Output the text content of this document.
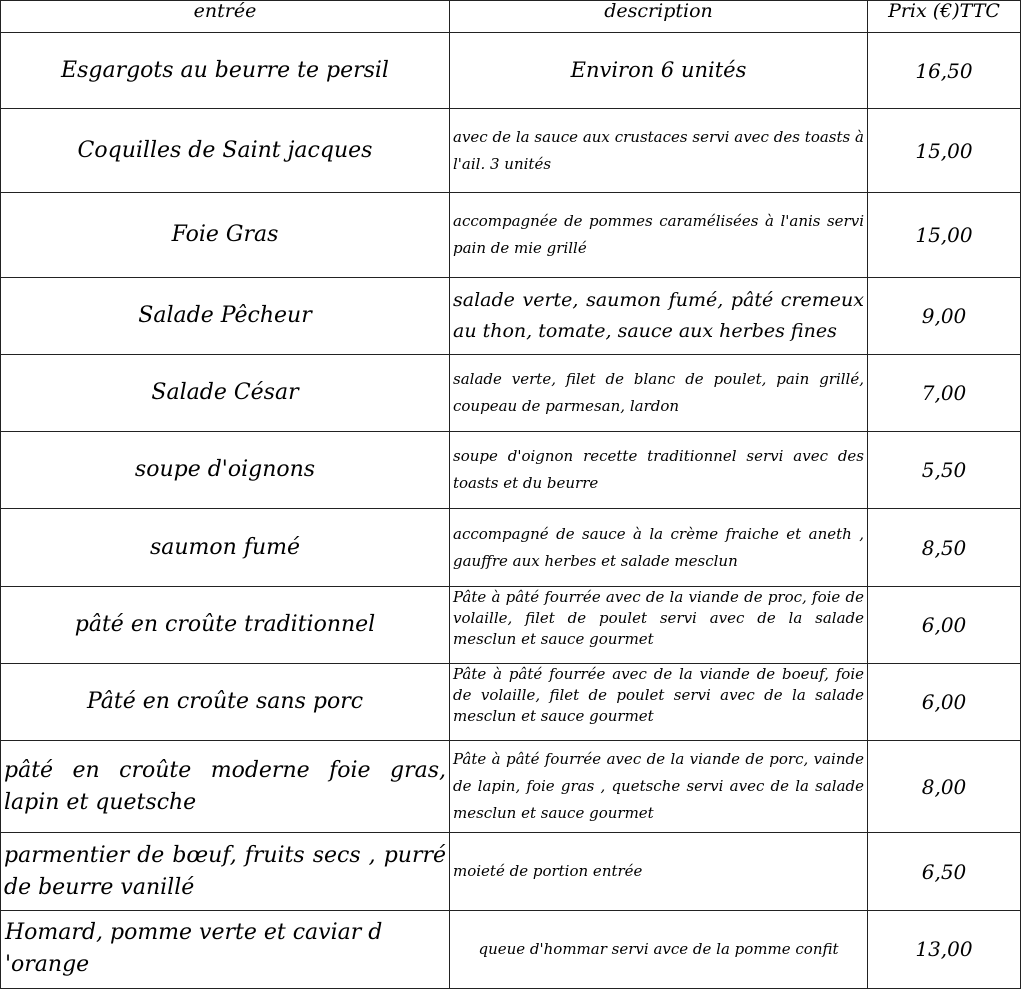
entrée	description	Prix (€)TTC
Esgargots au beurre te persil	Environ 6 unités	16,50
Coquilles de Saint jacques	avec de la sauce aux crustaces servi avec des toasts à l'ail. 3 unités	15,00
Foie Gras	accompagnée de pommes caramélisées à l'anis servi pain de mie grillé	15,00
Salade Pêcheur	salade verte, saumon fumé, pâté cremeux au thon, tomate, sauce aux herbes fines	9,00
Salade César	salade verte, filet de blanc de poulet, pain grillé, coupeau de parmesan, lardon	7,00
soupe d'oignons	soupe d'oignon recette traditionnel servi avec des toasts et du beurre	5,50
saumon fumé	accompagné de sauce à la crème fraiche et aneth , gauffre aux herbes et salade mesclun	8,50
pâté en croûte traditionnel	Pâte à pâté fourrée avec de la viande de proc, foie de volaille, filet de poulet servi avec de la salade mesclun et sauce gourmet	6,00
Pâté en croûte sans porc	Pâte à pâté fourrée avec de la viande de boeuf, foie de volaille, filet de poulet servi avec de la salade mesclun et sauce gourmet	6,00
pâté en croûte moderne foie gras, lapin et quetsche	Pâte à pâté fourrée avec de la viande de porc, vainde de lapin, foie gras , quetsche servi avec de la salade mesclun et sauce gourmet	8,00
parmentier de bœuf, fruits secs , purré de beurre vanillé	moieté de portion entrée	6,50
Homard, pomme verte et caviar d 'orange	queue d'hommar servi avce de la pomme confit	13,00
